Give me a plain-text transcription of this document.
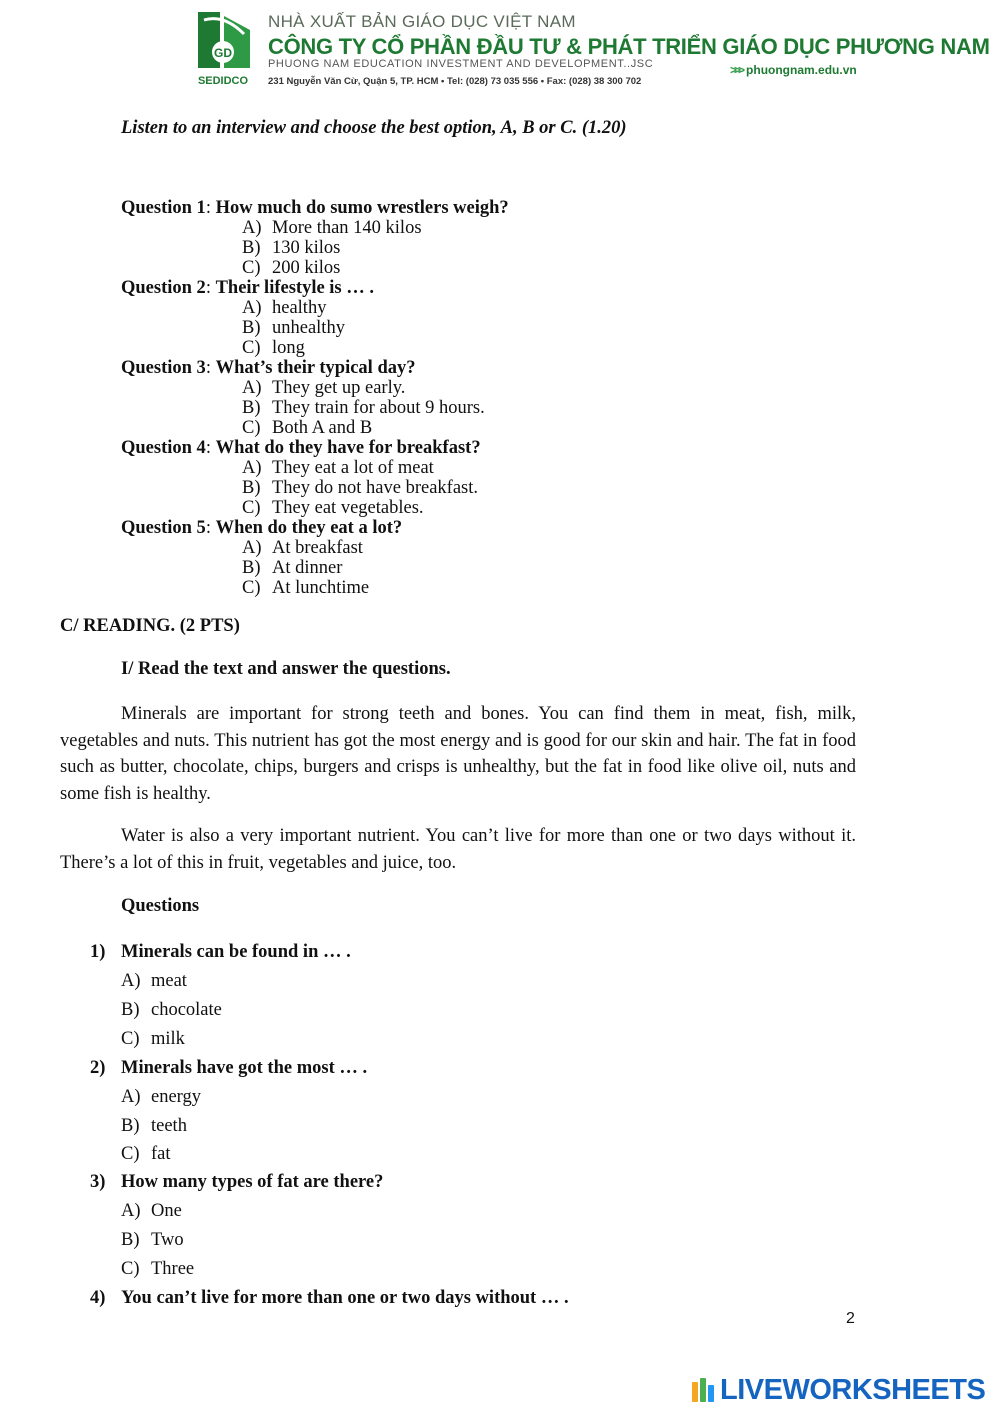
GD
SEDIDCO
NHÀ XUẤT BẢN GIÁO DỤC VIỆT NAM
CÔNG TY CỔ PHẦN ĐẦU TƯ & PHÁT TRIỂN GIÁO DỤC PHƯƠNG NAM
PHUONG NAM EDUCATION INVESTMENT AND DEVELOPMENT..JSC
231 Nguyễn Văn Cừ, Quận 5, TP. HCM • Tel: (028) 73 035 556 • Fax: (028) 38 300 702
>>> phuongnam.edu.vn
Listen to an interview and choose the best option, A, B or C. (1.20)
Question 1: How much do sumo wrestlers weigh?
A) More than 140 kilos
B) 130 kilos
C) 200 kilos
Question 2: Their lifestyle is … .
A) healthy
B) unhealthy
C) long
Question 3: What’s their typical day?
A) They get up early.
B) They train for about 9 hours.
C) Both A and B
Question 4: What do they have for breakfast?
A) They eat a lot of meat
B) They do not have breakfast.
C) They eat vegetables.
Question 5: When do they eat a lot?
A) At breakfast
B) At dinner
C) At lunchtime
C/ READING. (2 PTS)
I/ Read the text and answer the questions.
Minerals are important for strong teeth and bones. You can find them in meat, fish, milk, vegetables and nuts. This nutrient has got the most energy and is good for our skin and hair. The fat in food such as butter, chocolate, chips, burgers and crisps is unhealthy, but the fat in food like olive oil, nuts and some fish is healthy.
Water is also a very important nutrient. You can’t live for more than one or two days without it. There’s a lot of this in fruit, vegetables and juice, too.
Questions
1) Minerals can be found in … .
A) meat
B) chocolate
C) milk
2) Minerals have got the most … .
A) energy
B) teeth
C) fat
3) How many types of fat are there?
A) One
B) Two
C) Three
4) You can’t live for more than one or two days without … .
2
LIVEWORKSHEETS
